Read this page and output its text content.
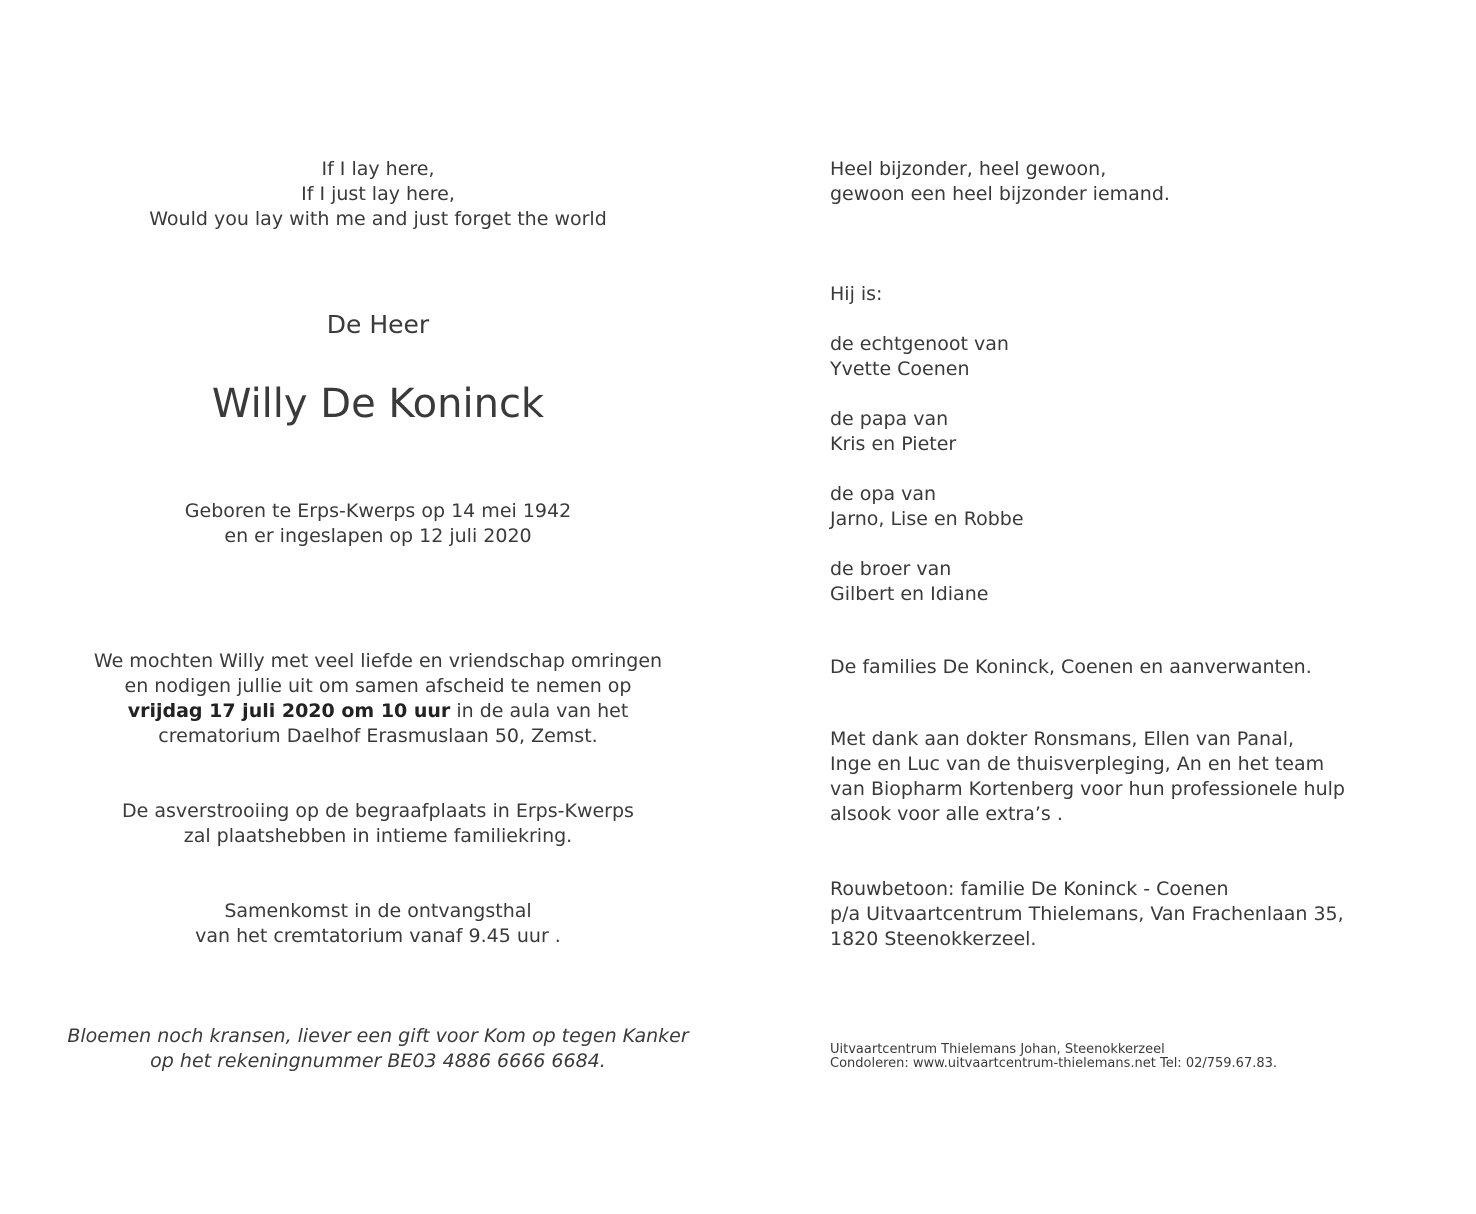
If I lay here,
If I just lay here,
Would you lay with me and just forget the world
De Heer
Willy De Koninck
Geboren te Erps-Kwerps op 14 mei 1942
en er ingeslapen op 12 juli 2020
We mochten Willy met veel liefde en vriendschap omringen
en nodigen jullie uit om samen afscheid te nemen op
vrijdag 17 juli 2020 om 10 uur in de aula van het
crematorium Daelhof Erasmuslaan 50, Zemst.
De asverstrooiing op de begraafplaats in Erps-Kwerps
zal plaatshebben in intieme familiekring.
Samenkomst in de ontvangsthal
van het cremtatorium vanaf 9.45 uur .
Bloemen noch kransen, liever een gift voor Kom op tegen Kanker
op het rekeningnummer BE03 4886 6666 6684.
Heel bijzonder, heel gewoon,
gewoon een heel bijzonder iemand.
Hij is:
de echtgenoot van
Yvette Coenen
de papa van
Kris en Pieter
de opa van
Jarno, Lise en Robbe
de broer van
Gilbert en Idiane
De families De Koninck, Coenen en aanverwanten.
Met dank aan dokter Ronsmans, Ellen van Panal,
Inge en Luc van de thuisverpleging, An en het team
van Biopharm Kortenberg voor hun professionele hulp
alsook voor alle extra’s .
Rouwbetoon: familie De Koninck - Coenen
p/a Uitvaartcentrum Thielemans, Van Frachenlaan 35,
1820 Steenokkerzeel.
Uitvaartcentrum Thielemans Johan, Steenokkerzeel
Condoleren: www.uitvaartcentrum-thielemans.net Tel: 02/759.67.83.
